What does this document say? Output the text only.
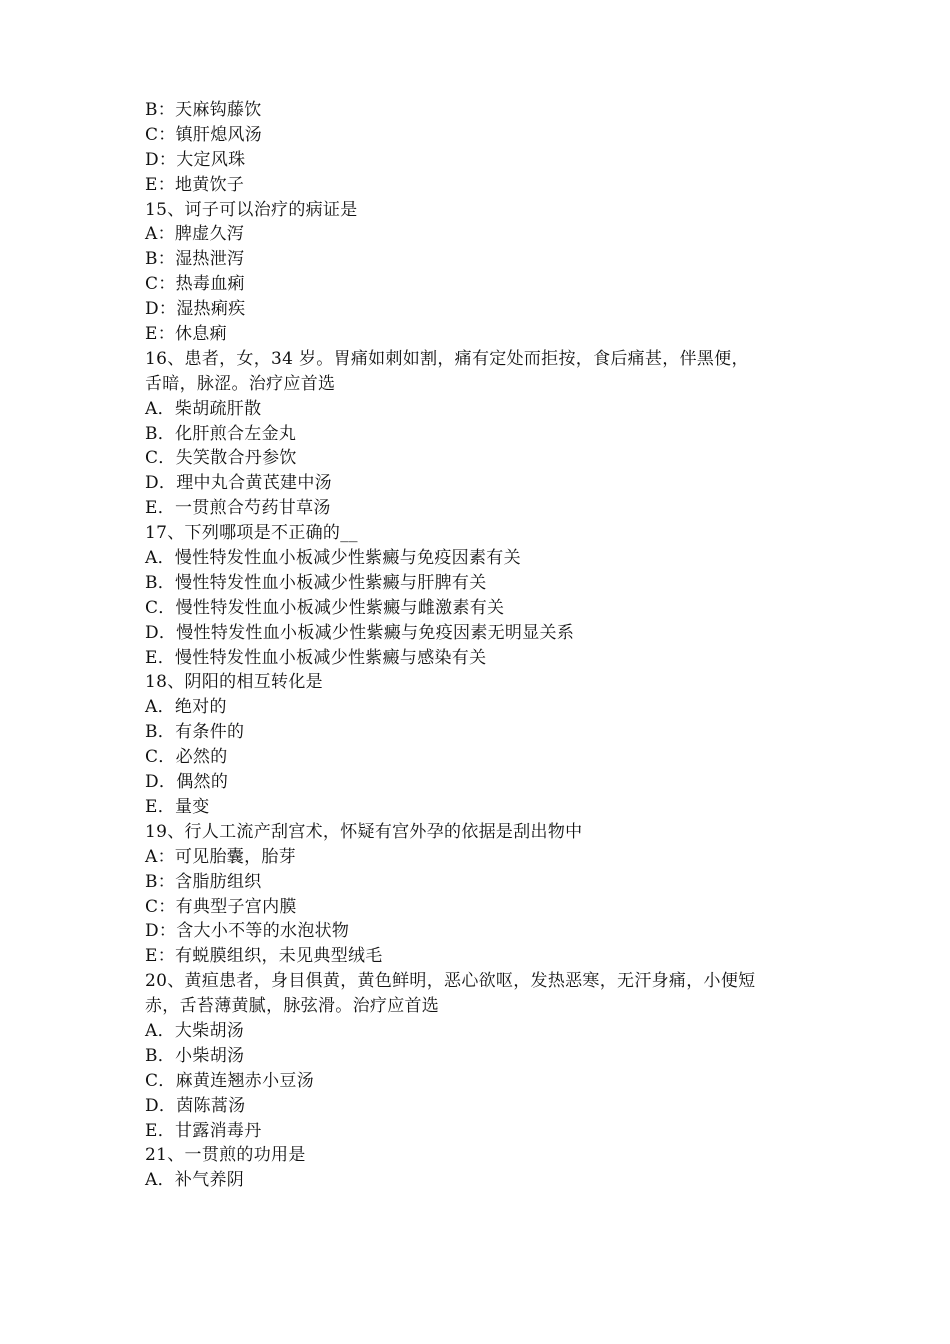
B：天麻钩藤饮
C：镇肝熄风汤
D：大定风珠
E：地黄饮子
15、诃子可以治疗的病证是
A：脾虚久泻
B：湿热泄泻
C：热毒血痢
D：湿热痢疾
E：休息痢
16、患者，女，34 岁。胃痛如刺如割，痛有定处而拒按，食后痛甚，伴黑便，
舌暗，脉涩。治疗应首选
A．柴胡疏肝散
B．化肝煎合左金丸
C．失笑散合丹参饮
D．理中丸合黄芪建中汤
E．一贯煎合芍药甘草汤
17、下列哪项是不正确的__
A．慢性特发性血小板减少性紫癜与免疫因素有关
B．慢性特发性血小板减少性紫癜与肝脾有关
C．慢性特发性血小板减少性紫癜与雌激素有关
D．慢性特发性血小板减少性紫癜与免疫因素无明显关系
E．慢性特发性血小板减少性紫癜与感染有关
18、阴阳的相互转化是
A．绝对的
B．有条件的
C．必然的
D．偶然的
E．量变
19、行人工流产刮宫术，怀疑有宫外孕的依据是刮出物中
A：可见胎囊，胎芽
B：含脂肪组织
C：有典型子宫内膜
D：含大小不等的水泡状物
E：有蜕膜组织，未见典型绒毛
20、黄疸患者，身目俱黄，黄色鲜明，恶心欲呕，发热恶寒，无汗身痛，小便短
赤，舌苔薄黄腻，脉弦滑。治疗应首选
A．大柴胡汤
B．小柴胡汤
C．麻黄连翘赤小豆汤
D．茵陈蒿汤
E．甘露消毒丹
21、一贯煎的功用是
A．补气养阴
